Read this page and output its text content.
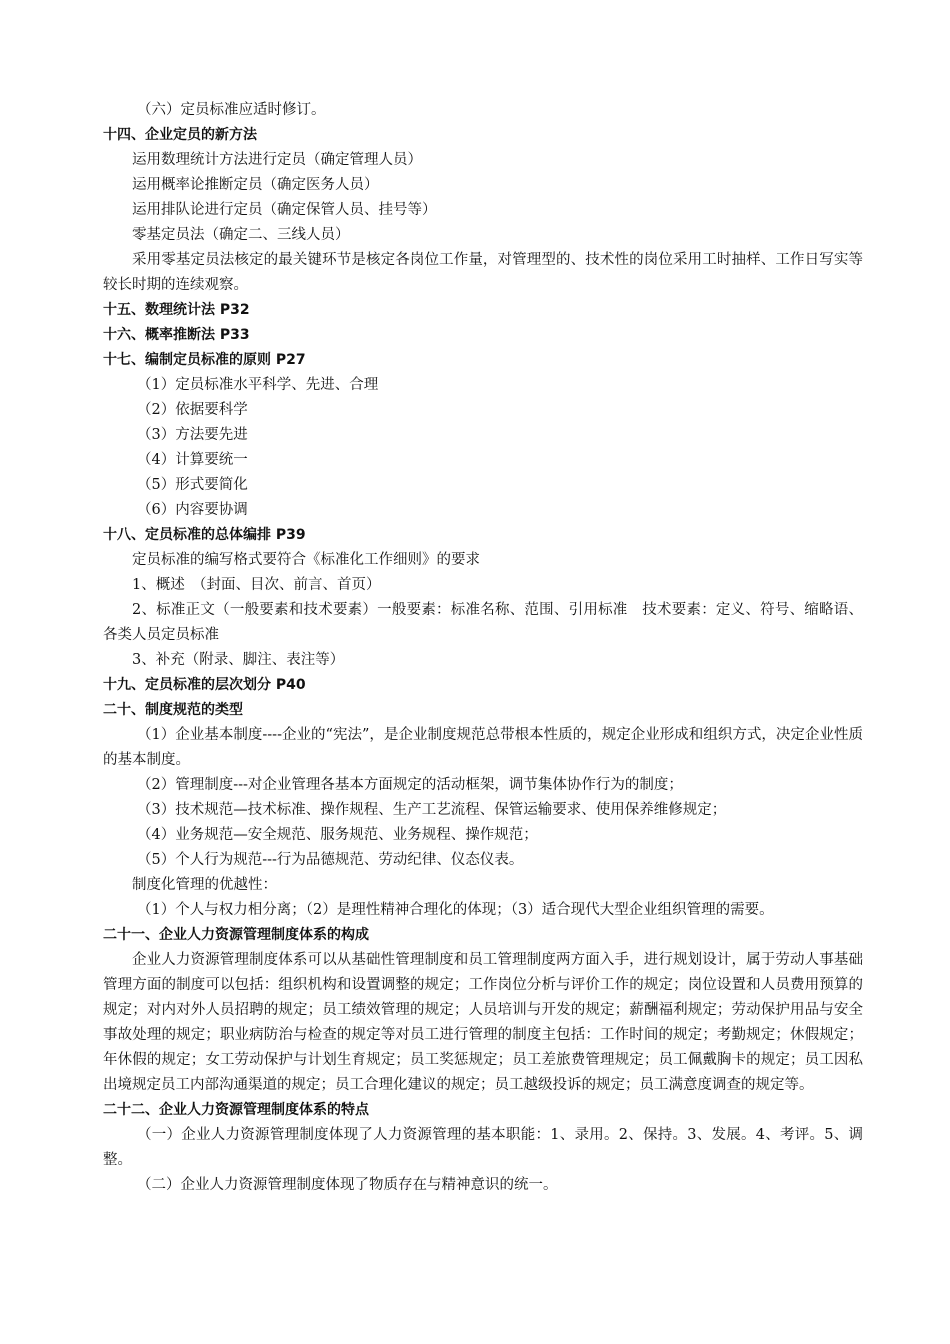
（六）定员标准应适时修订。
十四、企业定员的新方法
运用数理统计方法进行定员（确定管理人员）
运用概率论推断定员（确定医务人员）
运用排队论进行定员（确定保管人员、挂号等）
零基定员法（确定二、三线人员）
采用零基定员法核定的最关键环节是核定各岗位工作量，对管理型的、技术性的岗位采用工时抽样、工作日写实等较长时期的连续观察。
十五、数理统计法 P32
十六、概率推断法 P33
十七、编制定员标准的原则 P27
（1）定员标准水平科学、先进、合理
（2）依据要科学
（3）方法要先进
（4）计算要统一
（5）形式要简化
（6）内容要协调
十八、定员标准的总体编排 P39
定员标准的编写格式要符合《标准化工作细则》的要求
1、概述　（封面、目次、前言、首页）
2、标准正文（一般要素和技术要素）一般要素：标准名称、范围、引用标准　技术要素：定义、符号、缩略语、各类人员定员标准
3、补充（附录、脚注、表注等）
十九、定员标准的层次划分 P40
二十、制度规范的类型
（1）企业基本制度----企业的“宪法”，是企业制度规范总带根本性质的，规定企业形成和组织方式，决定企业性质的基本制度。
（2）管理制度---对企业管理各基本方面规定的活动框架，调节集体协作行为的制度；
（3）技术规范—技术标准、操作规程、生产工艺流程、保管运输要求、使用保养维修规定；
（4）业务规范—安全规范、服务规范、业务规程、操作规范；
（5）个人行为规范---行为品德规范、劳动纪律、仪态仪表。
制度化管理的优越性：
（1）个人与权力相分离；（2）是理性精神合理化的体现；（3）适合现代大型企业组织管理的需要。
二十一、企业人力资源管理制度体系的构成
企业人力资源管理制度体系可以从基础性管理制度和员工管理制度两方面入手，进行规划设计，属于劳动人事基础管理方面的制度可以包括：组织机构和设置调整的规定；工作岗位分析与评价工作的规定；岗位设置和人员费用预算的规定；对内对外人员招聘的规定；员工绩效管理的规定；人员培训与开发的规定；薪酬福利规定；劳动保护用品与安全事故处理的规定；职业病防治与检查的规定等对员工进行管理的制度主包括：工作时间的规定；考勤规定；休假规定；年休假的规定；女工劳动保护与计划生育规定；员工奖惩规定；员工差旅费管理规定；员工佩戴胸卡的规定；员工因私出境规定员工内部沟通渠道的规定；员工合理化建议的规定；员工越级投诉的规定；员工满意度调查的规定等。
二十二、企业人力资源管理制度体系的特点
（一）企业人力资源管理制度体现了人力资源管理的基本职能：1、录用。2、保持。3、发展。4、考评。5、调整。
（二）企业人力资源管理制度体现了物质存在与精神意识的统一。
